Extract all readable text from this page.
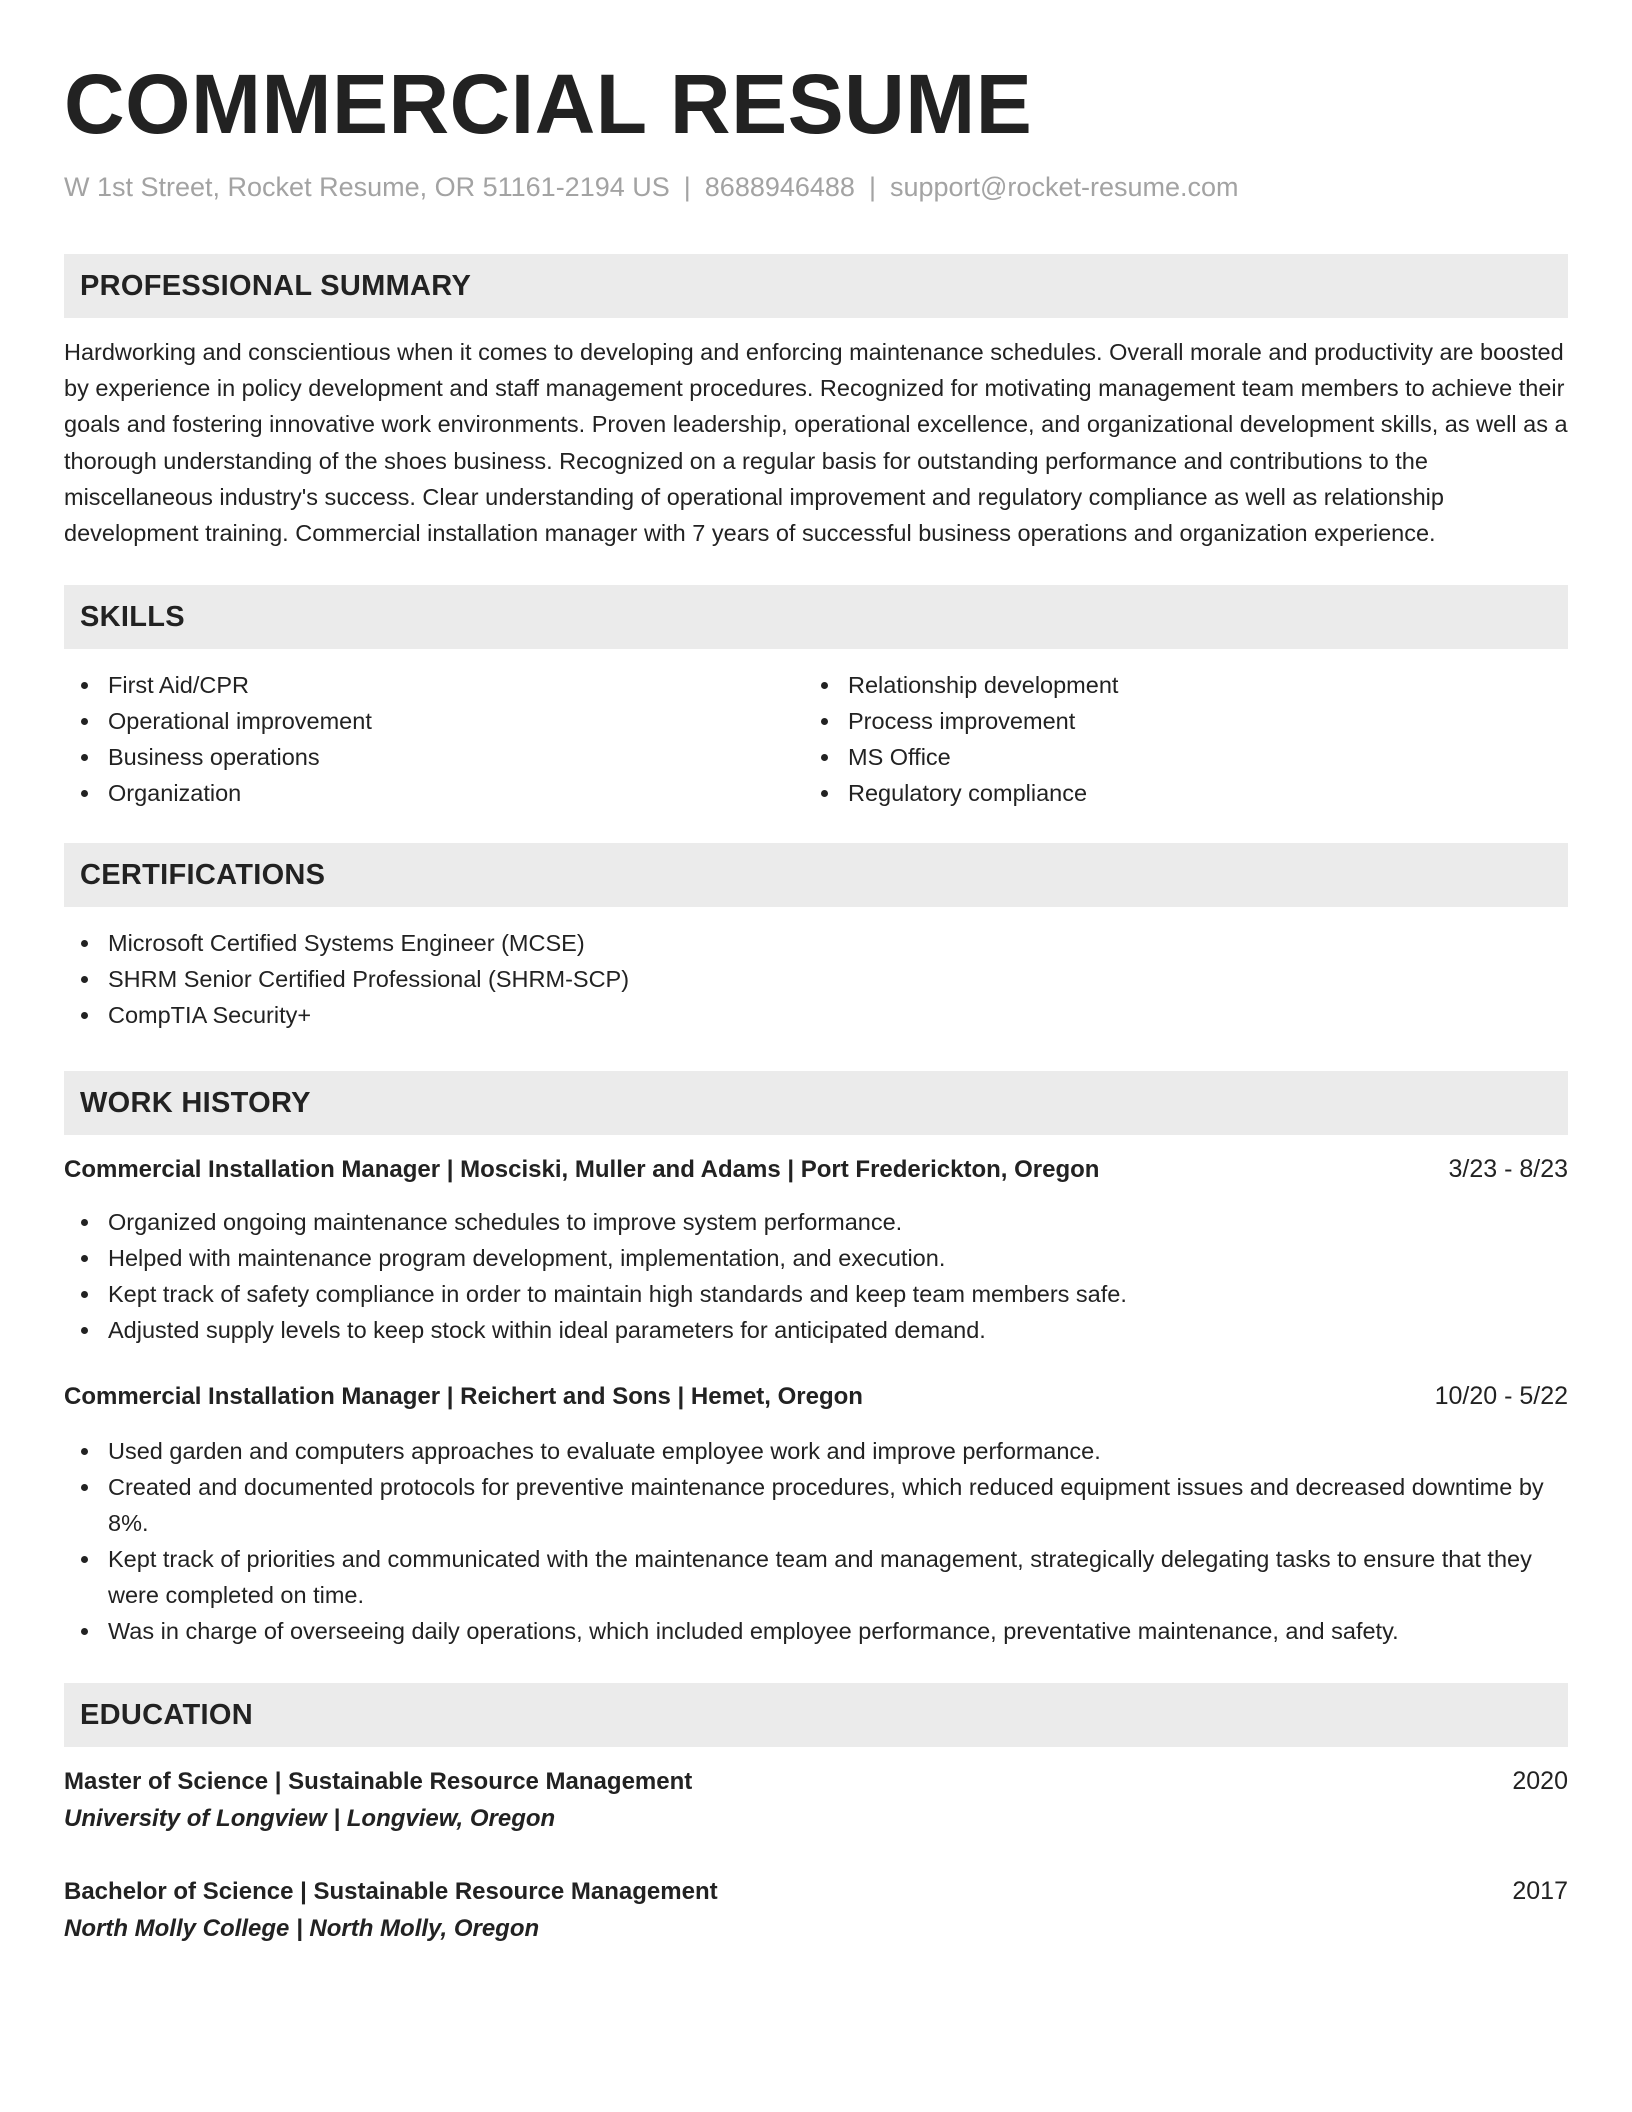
COMMERCIAL RESUME
W 1st Street, Rocket Resume, OR 51161-2194 US | 8688946488 | support@rocket-resume.com
PROFESSIONAL SUMMARY

Hardworking and conscientious when it comes to developing and enforcing maintenance schedules. Overall morale and productivity are boosted by experience in policy development and staff management procedures. Recognized for motivating management team members to achieve their goals and fostering innovative work environments. Proven leadership, operational excellence, and organizational development skills, as well as a thorough understanding of the shoes business. Recognized on a regular basis for outstanding performance and contributions to the miscellaneous industry's success. Clear understanding of operational improvement and regulatory compliance as well as relationship development training. Commercial installation manager with 7 years of successful business operations and organization experience.

SKILLS
First Aid/CPR
Operational improvement
Business operations
Organization
Relationship development
Process improvement
MS Office
Regulatory compliance
CERTIFICATIONS
Microsoft Certified Systems Engineer (MCSE)
SHRM Senior Certified Professional (SHRM-SCP)
CompTIA Security+
WORK HISTORY
Commercial Installation Manager | Mosciski, Muller and Adams | Port Frederickton, Oregon	3/23 - 8/23
Organized ongoing maintenance schedules to improve system performance.
Helped with maintenance program development, implementation, and execution.
Kept track of safety compliance in order to maintain high standards and keep team members safe.
Adjusted supply levels to keep stock within ideal parameters for anticipated demand.
Commercial Installation Manager | Reichert and Sons | Hemet, Oregon	10/20 - 5/22
Used garden and computers approaches to evaluate employee work and improve performance.
Created and documented protocols for preventive maintenance procedures, which reduced equipment issues and decreased downtime by 8%.
Kept track of priorities and communicated with the maintenance team and management, strategically delegating tasks to ensure that they were completed on time.
Was in charge of overseeing daily operations, which included employee performance, preventative maintenance, and safety.
EDUCATION
Master of Science | Sustainable Resource Management	2020
University of Longview | Longview, Oregon
Bachelor of Science | Sustainable Resource Management	2017
North Molly College | North Molly, Oregon
